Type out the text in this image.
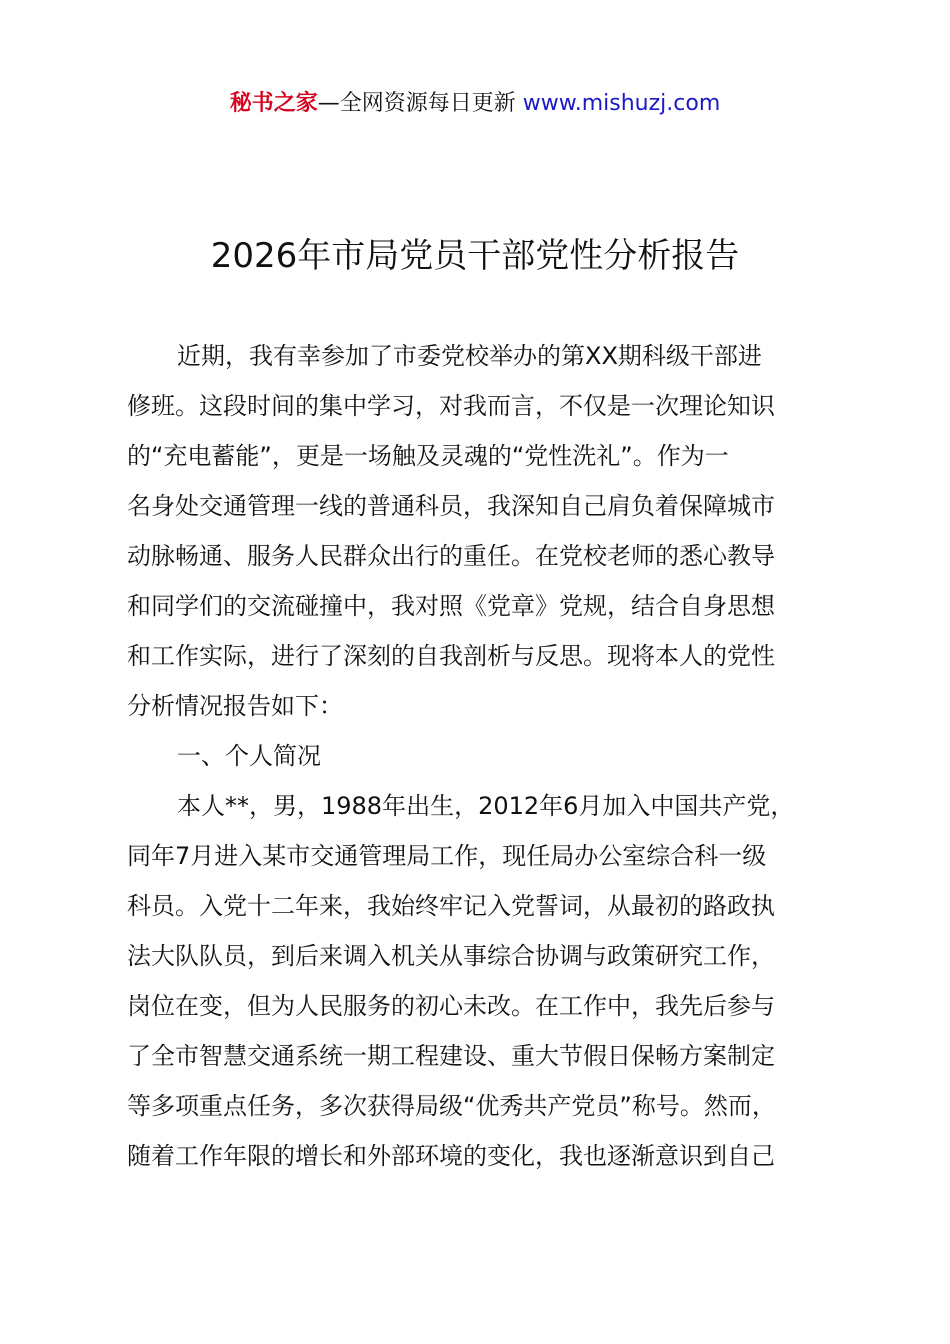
秘书之家—全网资源每日更新 www.mishuzj.com
2026年市局党员干部党性分析报告
近期，我有幸参加了市委党校举办的第XX期科级干部进
修班。这段时间的集中学习，对我而言，不仅是一次理论知识
的“充电蓄能”，更是一场触及灵魂的“党性洗礼”。作为一
名身处交通管理一线的普通科员，我深知自己肩负着保障城市
动脉畅通、服务人民群众出行的重任。在党校老师的悉心教导
和同学们的交流碰撞中，我对照《党章》党规，结合自身思想
和工作实际，进行了深刻的自我剖析与反思。现将本人的党性
分析情况报告如下：
一、个人简况
本人**，男，1988年出生，2012年6月加入中国共产党，
同年7月进入某市交通管理局工作，现任局办公室综合科一级
科员。入党十二年来，我始终牢记入党誓词，从最初的路政执
法大队队员，到后来调入机关从事综合协调与政策研究工作，
岗位在变，但为人民服务的初心未改。在工作中，我先后参与
了全市智慧交通系统一期工程建设、重大节假日保畅方案制定
等多项重点任务，多次获得局级“优秀共产党员”称号。然而，
随着工作年限的增长和外部环境的变化，我也逐渐意识到自己
